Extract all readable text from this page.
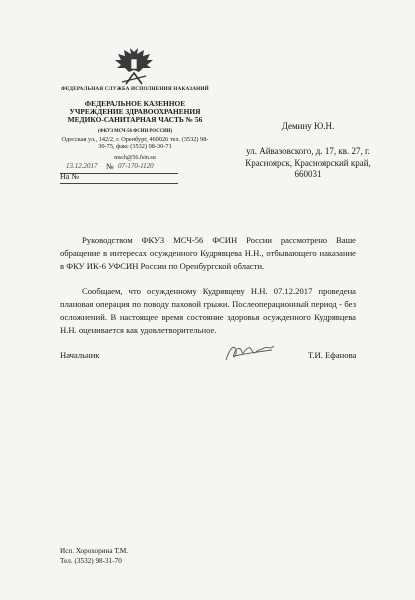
ФЕДЕРАЛЬНАЯ СЛУЖБА ИСПОЛНЕНИЯ НАКАЗАНИЙ
ФЕДЕРАЛЬНОЕ КАЗЕННОЕ УЧРЕЖДЕНИЕ ЗДРАВООХРАНЕНИЯ МЕДИКО-САНИТАРНАЯ ЧАСТЬ № 56
(ФКУЗ МСЧ-56 ФСИН РОССИИ)
Одесская ул., 142/2, г. Оренбург, 460026 тел. (3532) 98-30-75, факс (3532) 98-30-71
msch@56.fsin.su
13.12.2017 № 07-170-1120
На №
Демину Ю.Н.
ул. Айвазовского, д. 17, кв. 27, г. Красноярск, Красноярский край, 660031
Руководством ФКУЗ МСЧ-56 ФСИН России рассмотрено Ваше обращение в интересах осужденного Кудрявцева Н.Н., отбывающего наказание в ФКУ ИК-6 УФСИН России по Оренбургской области.
Сообщаем, что осужденному Кудрявцеву Н.Н. 07.12.2017 проведена плановая операция по поводу паховой грыжи. Послеоперационный период - без осложнений. В настоящее время состояние здоровья осужденного Кудрявцева Н.Н. оценивается как удовлетворительное.
Начальник	Т.И. Ефанова
Исп. Хорохорина Т.М.
Тел. (3532) 98-31-70
